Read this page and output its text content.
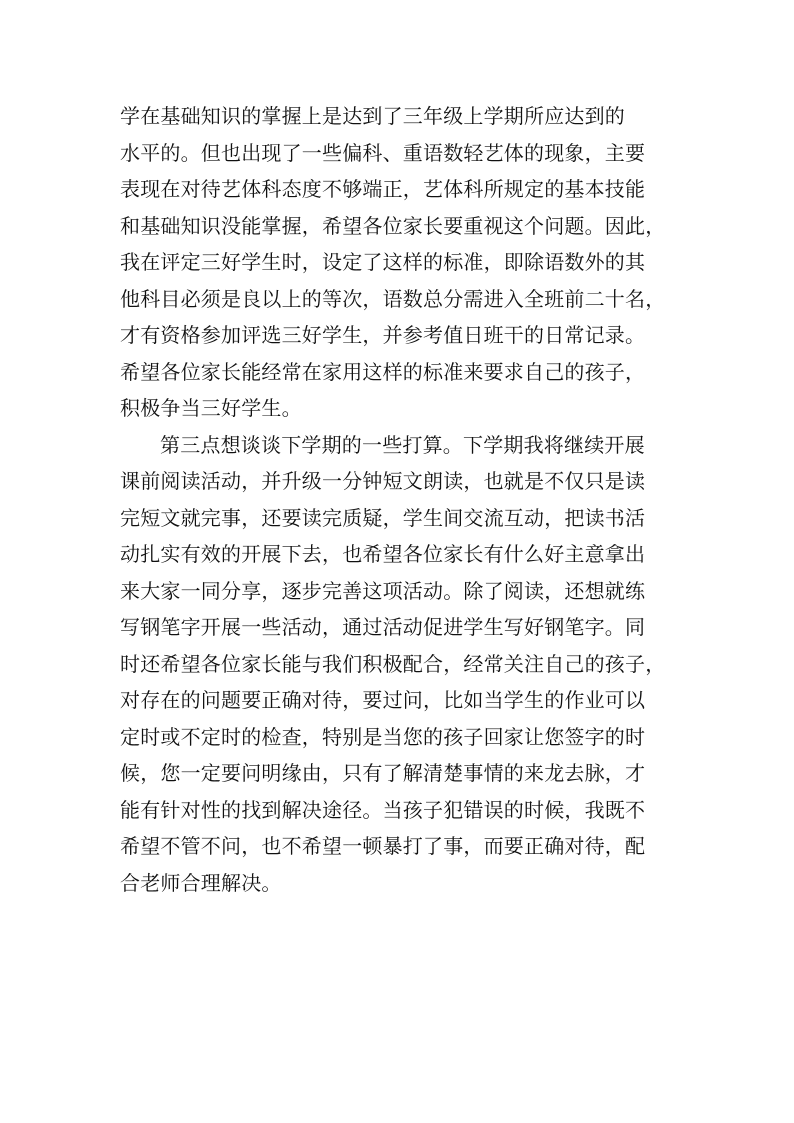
学在基础知识的掌握上是达到了三年级上学期所应达到的
水平的。但也出现了一些偏科、重语数轻艺体的现象，主要
表现在对待艺体科态度不够端正，艺体科所规定的基本技能
和基础知识没能掌握，希望各位家长要重视这个问题。因此，
我在评定三好学生时，设定了这样的标准，即除语数外的其
他科目必须是良以上的等次，语数总分需进入全班前二十名，
才有资格参加评选三好学生，并参考值日班干的日常记录。
希望各位家长能经常在家用这样的标准来要求自己的孩子，
积极争当三好学生。
第三点想谈谈下学期的一些打算。下学期我将继续开展
课前阅读活动，并升级一分钟短文朗读，也就是不仅只是读
完短文就完事，还要读完质疑，学生间交流互动，把读书活
动扎实有效的开展下去，也希望各位家长有什么好主意拿出
来大家一同分享，逐步完善这项活动。除了阅读，还想就练
写钢笔字开展一些活动，通过活动促进学生写好钢笔字。同
时还希望各位家长能与我们积极配合，经常关注自己的孩子，
对存在的问题要正确对待，要过问，比如当学生的作业可以
定时或不定时的检查，特别是当您的孩子回家让您签字的时
候，您一定要问明缘由，只有了解清楚事情的来龙去脉，才
能有针对性的找到解决途径。当孩子犯错误的时候，我既不
希望不管不问，也不希望一顿暴打了事，而要正确对待，配
合老师合理解决。
